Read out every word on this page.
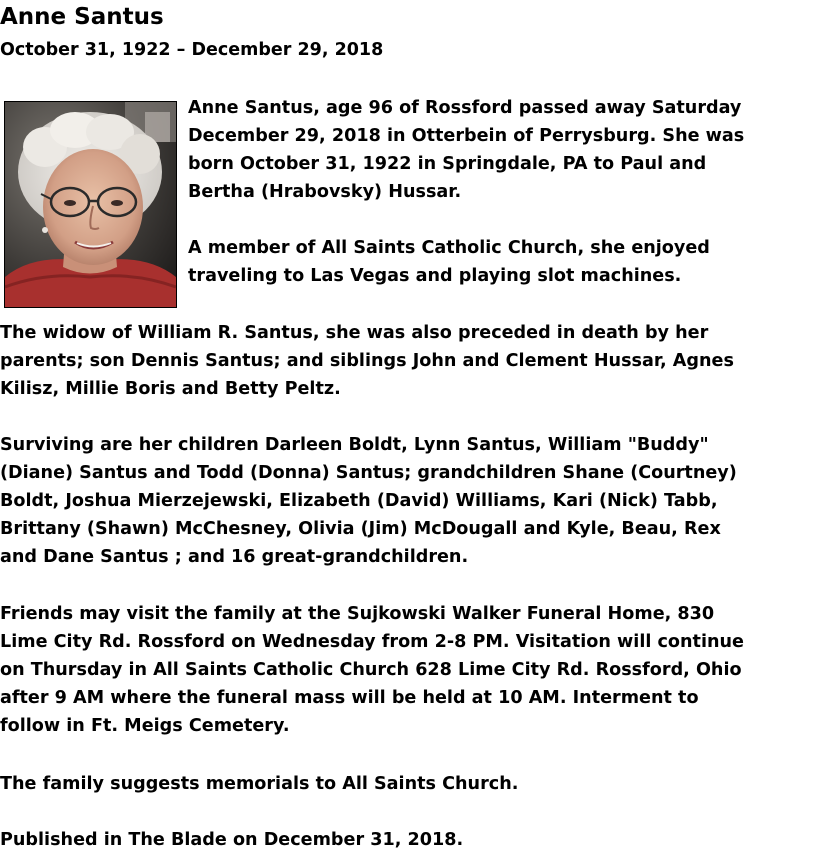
Anne Santus
October 31, 1922 – December 29, 2018

Anne Santus, age 96 of Rossford passed away Saturday
December 29, 2018 in Otterbein of Perrysburg. She was
born October 31, 1922 in Springdale, PA to Paul and
Bertha (Hrabovsky) Hussar.

A member of All Saints Catholic Church, she enjoyed
traveling to Las Vegas and playing slot machines.

The widow of William R. Santus, she was also preceded in death by her
parents; son Dennis Santus; and siblings John and Clement Hussar, Agnes
Kilisz, Millie Boris and Betty Peltz.

Surviving are her children Darleen Boldt, Lynn Santus, William "Buddy"
(Diane) Santus and Todd (Donna) Santus; grandchildren Shane (Courtney)
Boldt, Joshua Mierzejewski, Elizabeth (David) Williams, Kari (Nick) Tabb,
Brittany (Shawn) McChesney, Olivia (Jim) McDougall and Kyle, Beau, Rex
and Dane Santus ; and 16 great-grandchildren.

Friends may visit the family at the Sujkowski Walker Funeral Home, 830
Lime City Rd. Rossford on Wednesday from 2-8 PM. Visitation will continue
on Thursday in All Saints Catholic Church 628 Lime City Rd. Rossford, Ohio
after 9 AM where the funeral mass will be held at 10 AM. Interment to
follow in Ft. Meigs Cemetery.

The family suggests memorials to All Saints Church.

Published in The Blade on December 31, 2018.
